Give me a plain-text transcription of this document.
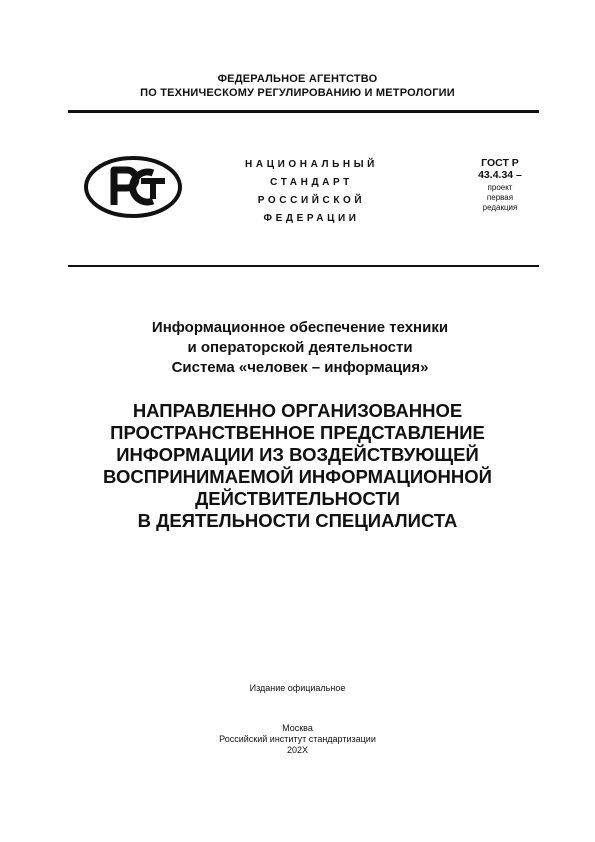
ФЕДЕРАЛЬНОЕ АГЕНТСТВО
ПО ТЕХНИЧЕСКОМУ РЕГУЛИРОВАНИЮ И МЕТРОЛОГИИ
НАЦИОНАЛЬНЫЙ
СТАНДАРТ
РОССИЙСКОЙ
ФЕДЕРАЦИИ
ГОСТ Р
43.4.34 –
проект
первая
редакция
Информационное обеспечение техники
и операторской деятельности
Система «человек – информация»
НАПРАВЛЕННО ОРГАНИЗОВАННОЕ
ПРОСТРАНСТВЕННОЕ ПРЕДСТАВЛЕНИЕ
ИНФОРМАЦИИ ИЗ ВОЗДЕЙСТВУЮЩЕЙ
ВОСПРИНИМАЕМОЙ ИНФОРМАЦИОННОЙ
ДЕЙСТВИТЕЛЬНОСТИ
В ДЕЯТЕЛЬНОСТИ СПЕЦИАЛИСТА
Издание официальное
Москва
Российский институт стандартизации
202X
